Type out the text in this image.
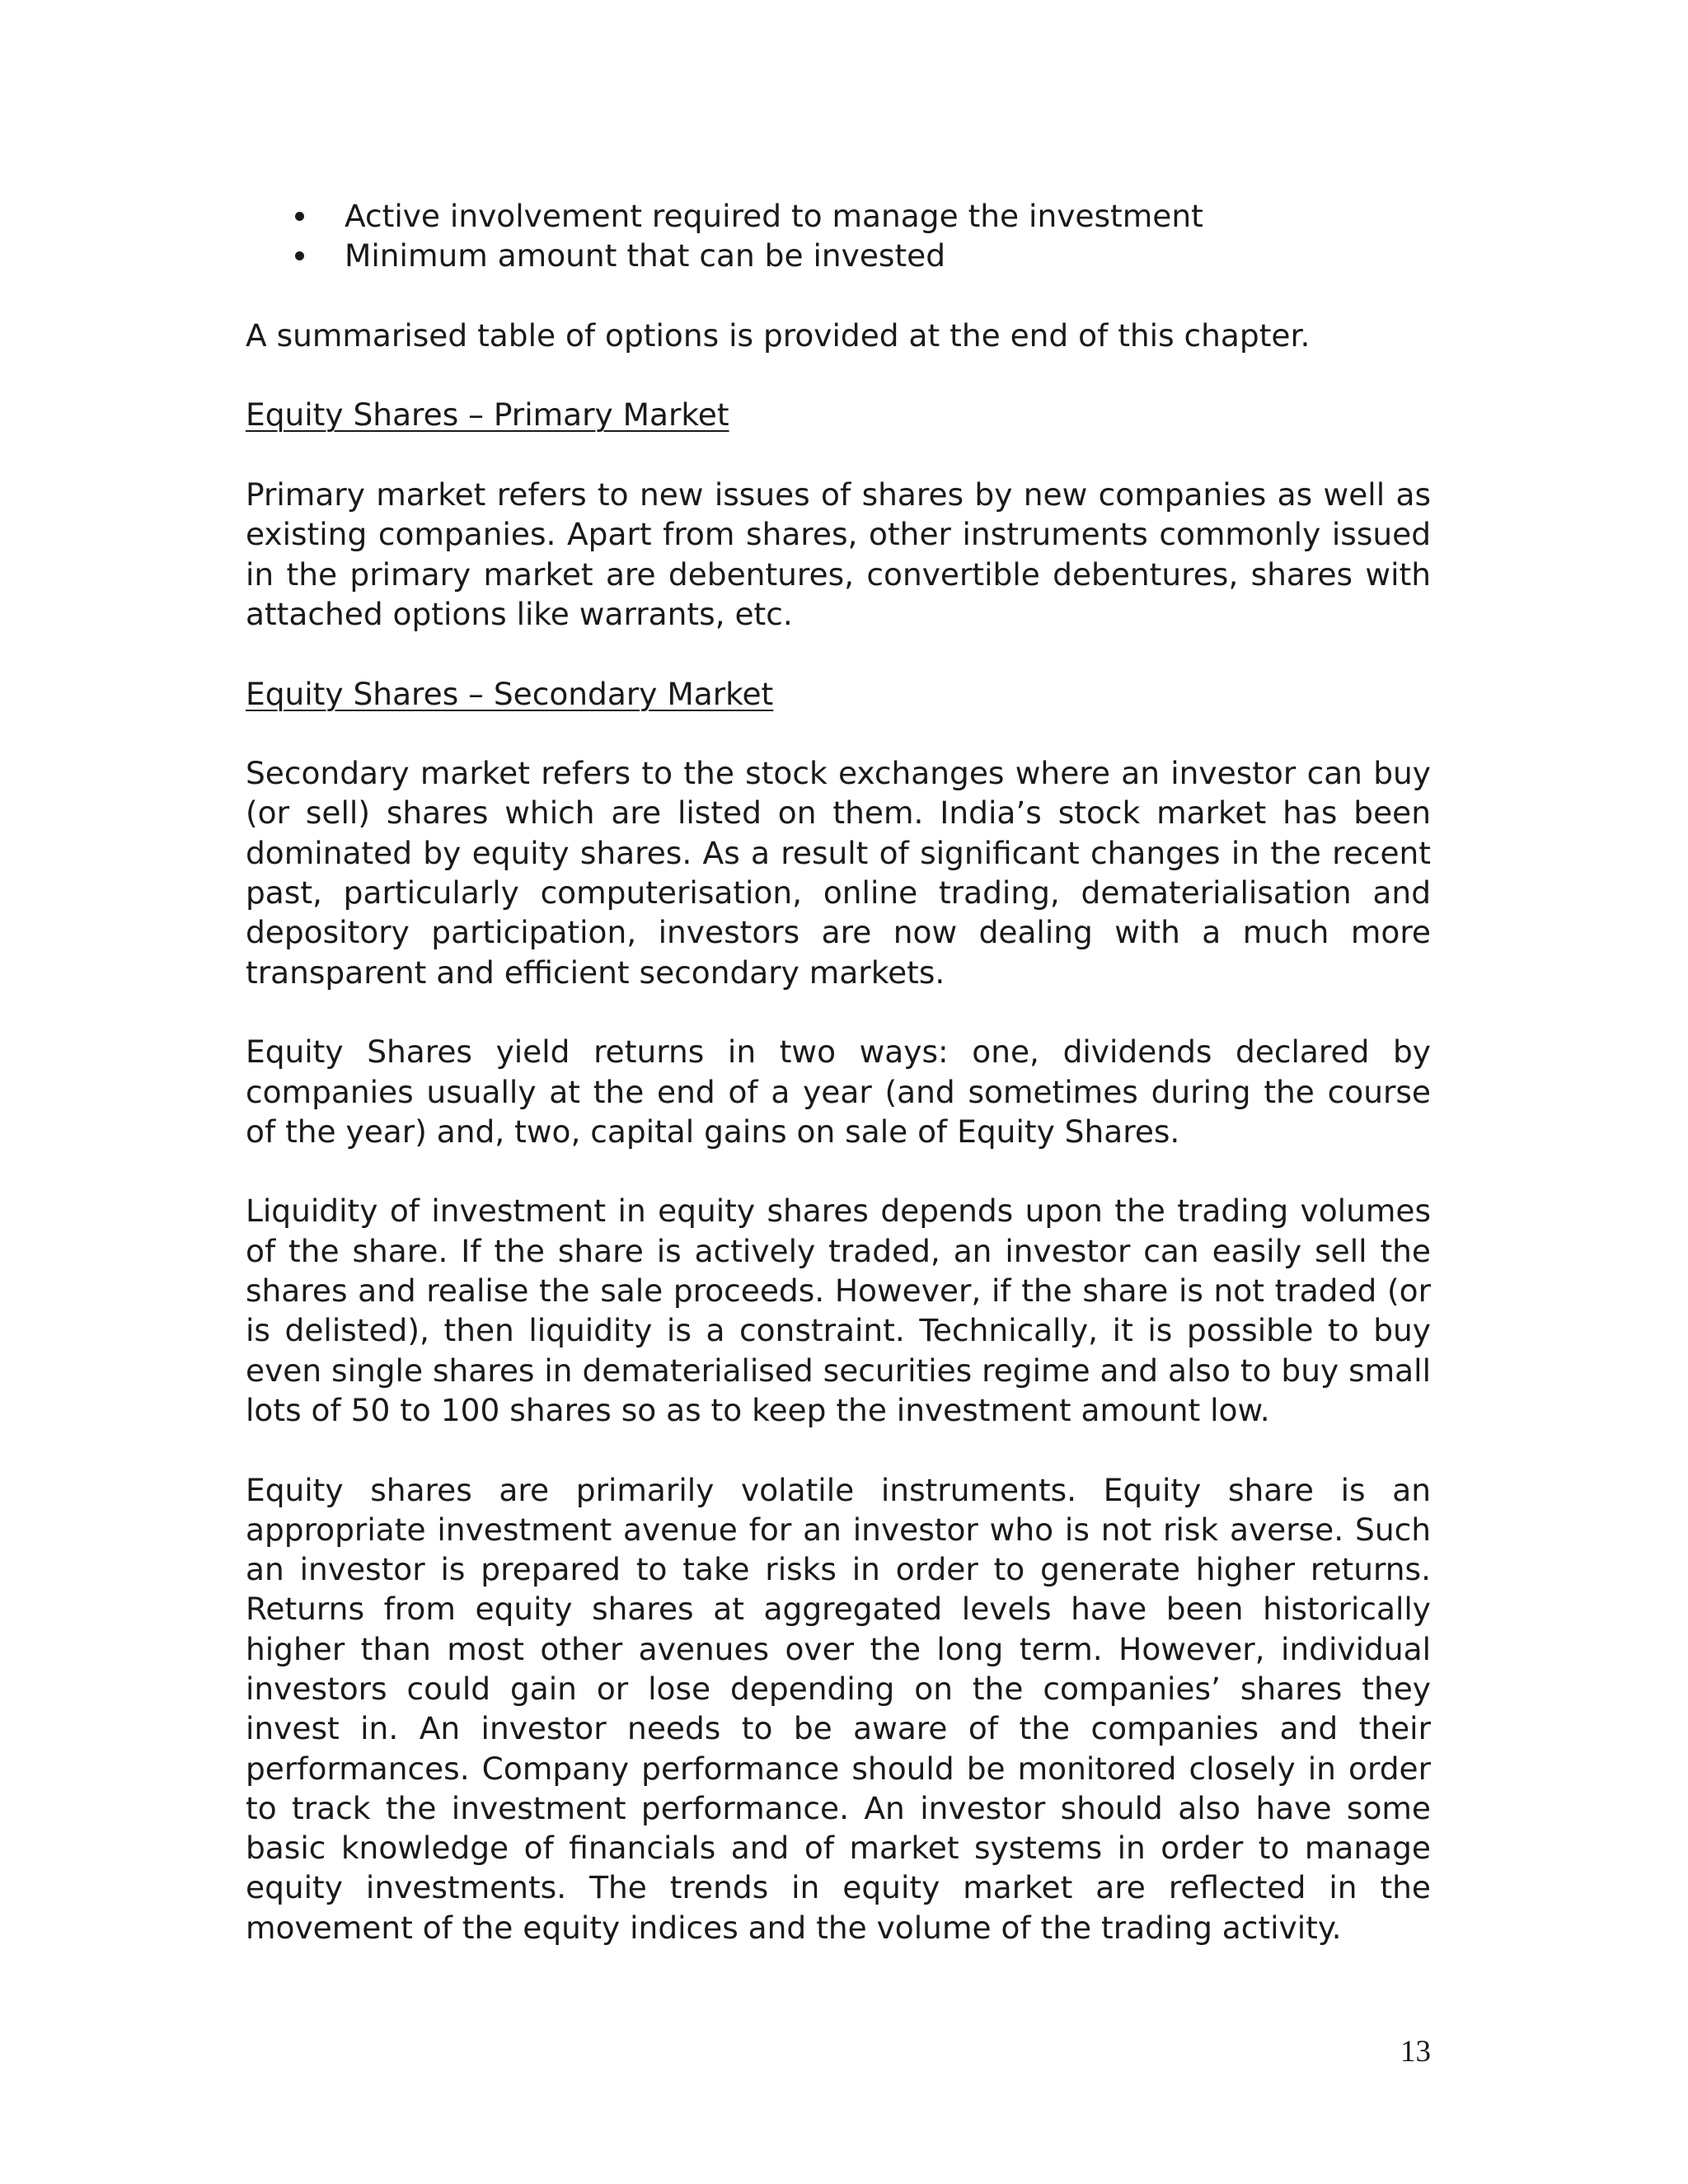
Active involvement required to manage the investment
Minimum amount that can be invested

A summarised table of options is provided at the end of this chapter.

Equity Shares – Primary Market

Primary market refers to new issues of shares by new companies as well as existing companies. Apart from shares, other instruments commonly issued in the primary market are debentures, convertible debentures, shares with attached options like warrants, etc.

Equity Shares – Secondary Market

Secondary market refers to the stock exchanges where an investor can buy (or sell) shares which are listed on them. India’s stock market has been dominated by equity shares. As a result of significant changes in the recent past, particularly computerisation, online trading, dematerialisation and depository participation, investors are now dealing with a much more transparent and efficient secondary markets.

Equity Shares yield returns in two ways: one, dividends declared by companies usually at the end of a year (and sometimes during the course of the year) and, two, capital gains on sale of Equity Shares.

Liquidity of investment in equity shares depends upon the trading volumes of the share. If the share is actively traded, an investor can easily sell the shares and realise the sale proceeds. However, if the share is not traded (or is delisted), then liquidity is a constraint. Technically, it is possible to buy even single shares in dematerialised securities regime and also to buy small lots of 50 to 100 shares so as to keep the investment amount low.

Equity shares are primarily volatile instruments. Equity share is an appropriate investment avenue for an investor who is not risk averse. Such an investor is prepared to take risks in order to generate higher returns. Returns from equity shares at aggregated levels have been historically higher than most other avenues over the long term. However, individual investors could gain or lose depending on the companies’ shares they invest in. An investor needs to be aware of the companies and their performances. Company performance should be monitored closely in order to track the investment performance. An investor should also have some basic knowledge of financials and of market systems in order to manage equity investments. The trends in equity market are reflected in the movement of the equity indices and the volume of the trading activity.

13
